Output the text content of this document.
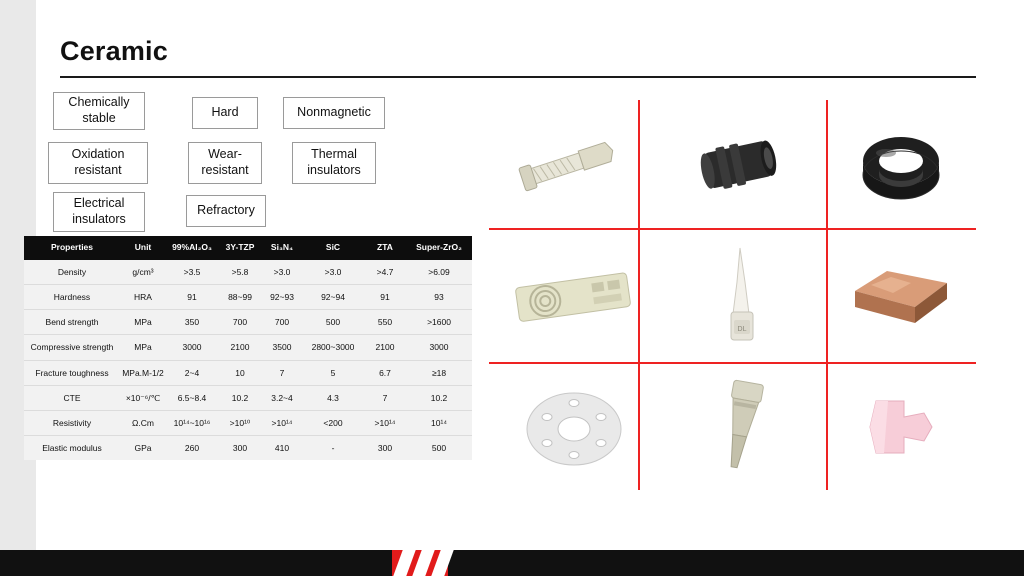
Ceramic
Chemically stable	Hard	Nonmagnetic
Oxidation resistant
Wear-resistant
Thermal insulators
Electrical insulators
Refractory
Properties	Unit	99%Al₂O₃	3Y-TZP	Si₃N₄	SiC	ZTA	Super-ZrO₂
Density	g/cm³	>3.5	>5.8	>3.0	>3.0	>4.7	>6.09
Hardness	HRA	91	88~99	92~93	92~94	91	93
Bend strength	MPa	350	700	700	500	550	>1600
Compressive strength	MPa	3000	2100	3500	2800~3000	2100	3000
Fracture toughness	MPa.M-1/2	2~4	10	7	5	6.7	≥18
CTE	×10⁻⁶/℃	6.5~8.4	10.2	3.2~4	4.3	7	10.2
Resistivity	Ω.Cm	10¹⁴~10¹⁶	>10¹⁰	>10¹⁴	<200	>10¹⁴	10¹⁴
Elastic modulus	GPa	260	300	410	-	300	500
DL
